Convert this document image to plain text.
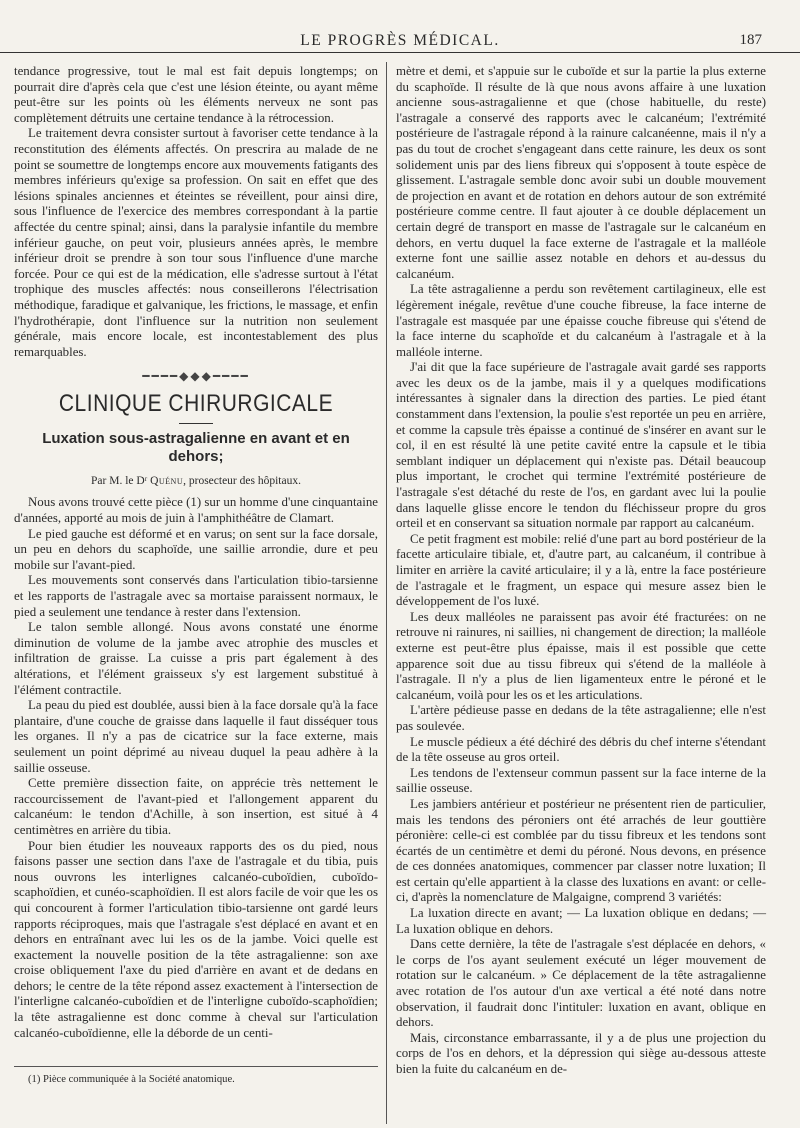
LE PROGRÈS MÉDICAL.	187

tendance progressive, tout le mal est fait depuis longtemps; on pourrait dire d'après cela que c'est une lésion éteinte, ou ayant même peut-être sur les points où les éléments nerveux ne sont pas complètement détruits une certaine tendance à la rétrocession.

Le traitement devra consister surtout à favoriser cette tendance à la reconstitution des éléments affectés. On prescrira au malade de ne point se soumettre de longtemps encore aux mouvements fatigants des membres inférieurs qu'exige sa profession. On sait en effet que des lésions spinales anciennes et éteintes se réveillent, pour ainsi dire, sous l'influence de l'exercice des membres correspondant à la partie affectée du centre spinal; ainsi, dans la paralysie infantile du membre inférieur gauche, on peut voir, plusieurs années après, le membre inférieur droit se prendre à son tour sous l'influence d'une marche forcée. Pour ce qui est de la médication, elle s'adresse surtout à l'état trophique des muscles affectés: nous conseillerons l'électrisation méthodique, faradique et galvanique, les frictions, le massage, et enfin l'hydrothérapie, dont l'influence sur la nutrition non seulement générale, mais encore locale, est incontestablement des plus remarquables.

━━━━◆◆◆━━━━
CLINIQUE CHIRURGICALE
Luxation sous-astragalienne en avant et en dehors;
Par M. le Dʳ Quénu, prosecteur des hôpitaux.

Nous avons trouvé cette pièce (1) sur un homme d'une cinquantaine d'années, apporté au mois de juin à l'amphithéâtre de Clamart.

Le pied gauche est déformé et en varus; on sent sur la face dorsale, un peu en dehors du scaphoïde, une saillie arrondie, dure et peu mobile sur l'avant-pied.

Les mouvements sont conservés dans l'articulation tibio-tarsienne et les rapports de l'astragale avec sa mortaise paraissent normaux, le pied a seulement une tendance à rester dans l'extension.

Le talon semble allongé. Nous avons constaté une énorme diminution de volume de la jambe avec atrophie des muscles et infiltration de graisse. La cuisse a pris part également à des altérations, et l'élément graisseux s'y est largement substitué à l'élément contractile.

La peau du pied est doublée, aussi bien à la face dorsale qu'à la face plantaire, d'une couche de graisse dans laquelle il faut disséquer tous les organes. Il n'y a pas de cicatrice sur la face externe, mais seulement un point déprimé au niveau duquel la peau adhère à la saillie osseuse.

Cette première dissection faite, on apprécie très nettement le raccourcissement de l'avant-pied et l'allongement apparent du calcanéum: le tendon d'Achille, à son insertion, est situé à 4 centimètres en arrière du tibia.

Pour bien étudier les nouveaux rapports des os du pied, nous faisons passer une section dans l'axe de l'astragale et du tibia, puis nous ouvrons les interlignes calcanéo-cuboïdien, cuboïdo-scaphoïdien, et cunéo-scaphoïdien. Il est alors facile de voir que les os qui concourent à former l'articulation tibio-tarsienne ont gardé leurs rapports réciproques, mais que l'astragale s'est déplacé en avant et en dehors en entraînant avec lui les os de la jambe. Voici quelle est exactement la nouvelle position de la tête astragalienne: son axe croise obliquement l'axe du pied d'arrière en avant et de dedans en dehors; le centre de la tête répond assez exactement à l'intersection de l'interligne calcanéo-cuboïdien et de l'interligne cuboïdo-scaphoïdien; la tête astragalienne est donc comme à cheval sur l'articulation calcanéo-cuboïdienne, elle la déborde de un centi-

(1) Pièce communiquée à la Société anatomique.

mètre et demi, et s'appuie sur le cuboïde et sur la partie la plus externe du scaphoïde. Il résulte de là que nous avons affaire à une luxation ancienne sous-astragalienne et que (chose habituelle, du reste) l'astragale a conservé des rapports avec le calcanéum; l'extrémité postérieure de l'astragale répond à la rainure calcanéenne, mais il n'y a pas du tout de crochet s'engageant dans cette rainure, les deux os sont solidement unis par des liens fibreux qui s'opposent à toute espèce de glissement. L'astragale semble donc avoir subi un double mouvement de projection en avant et de rotation en dehors autour de son extrémité postérieure comme centre. Il faut ajouter à ce double déplacement un certain degré de transport en masse de l'astragale sur le calcanéum en dehors, en vertu duquel la face externe de l'astragale et la malléole externe font une saillie assez notable en dehors et au-dessus du calcanéum.

La tête astragalienne a perdu son revêtement cartilagineux, elle est légèrement inégale, revêtue d'une couche fibreuse, la face interne de l'astragale est masquée par une épaisse couche fibreuse qui s'étend de la face interne du scaphoïde et du calcanéum à l'astragale et à la malléole interne.

J'ai dit que la face supérieure de l'astragale avait gardé ses rapports avec les deux os de la jambe, mais il y a quelques modifications intéressantes à signaler dans la direction des parties. Le pied étant constamment dans l'extension, la poulie s'est reportée un peu en arrière, et comme la capsule très épaisse a continué de s'insérer en avant sur le col, il en est résulté là une petite cavité entre la capsule et le tibia semblant indiquer un déplacement qui n'existe pas. Détail beaucoup plus important, le crochet qui termine l'extrémité postérieure de l'astragale s'est détaché du reste de l'os, en gardant avec lui la poulie dans laquelle glisse encore le tendon du fléchisseur propre du gros orteil et en conservant sa situation normale par rapport au calcanéum.

Ce petit fragment est mobile: relié d'une part au bord postérieur de la facette articulaire tibiale, et, d'autre part, au calcanéum, il contribue à limiter en arrière la cavité articulaire; il y a là, entre la face postérieure de l'astragale et le fragment, un espace qui mesure assez bien le développement de l'os luxé.

Les deux malléoles ne paraissent pas avoir été fracturées: on ne retrouve ni rainures, ni saillies, ni changement de direction; la malléole externe est peut-être plus épaisse, mais il est possible que cette apparence soit due au tissu fibreux qui s'étend de la malléole à l'astragale. Il n'y a plus de lien ligamenteux entre le péroné et le calcanéum, voilà pour les os et les articulations.

L'artère pédieuse passe en dedans de la tête astragalienne; elle n'est pas soulevée.

Le muscle pédieux a été déchiré des débris du chef interne s'étendant de la tête osseuse au gros orteil.

Les tendons de l'extenseur commun passent sur la face interne de la saillie osseuse.

Les jambiers antérieur et postérieur ne présentent rien de particulier, mais les tendons des péroniers ont été arrachés de leur gouttière péronière: celle-ci est comblée par du tissu fibreux et les tendons sont écartés de un centimètre et demi du péroné. Nous devons, en présence de ces données anatomiques, commencer par classer notre luxation; Il est certain qu'elle appartient à la classe des luxations en avant: or celle-ci, d'après la nomenclature de Malgaigne, comprend 3 variétés:

La luxation directe en avant; — La luxation oblique en dedans; — La luxation oblique en dehors.

Dans cette dernière, la tête de l'astragale s'est déplacée en dehors, « le corps de l'os ayant seulement exécuté un léger mouvement de rotation sur le calcanéum. » Ce déplacement de la tête astragalienne avec rotation de l'os autour d'un axe vertical a été noté dans notre observation, il faudrait donc l'intituler: luxation en avant, oblique en dehors.

Mais, circonstance embarrassante, il y a de plus une projection du corps de l'os en dehors, et la dépression qui siège au-dessous atteste bien la fuite du calcanéum en de-
